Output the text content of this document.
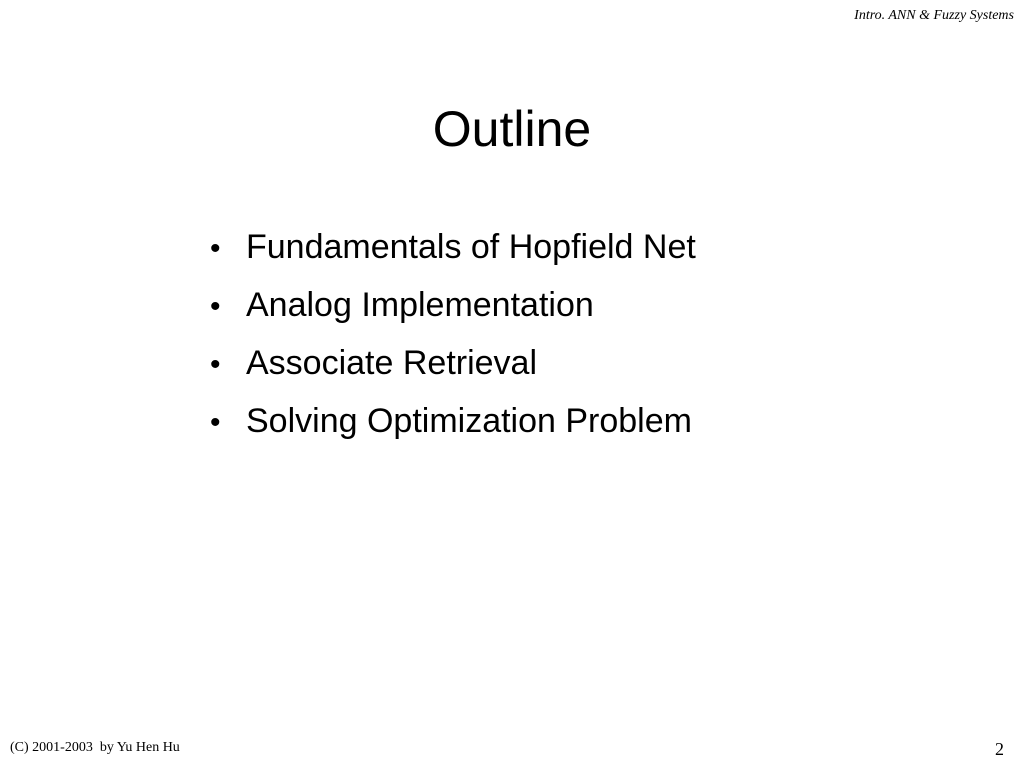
Intro. ANN & Fuzzy Systems
Outline
• Fundamentals of Hopfield Net
• Analog Implementation
• Associate Retrieval
• Solving Optimization Problem
(C) 2001-2003  by Yu Hen Hu	2
